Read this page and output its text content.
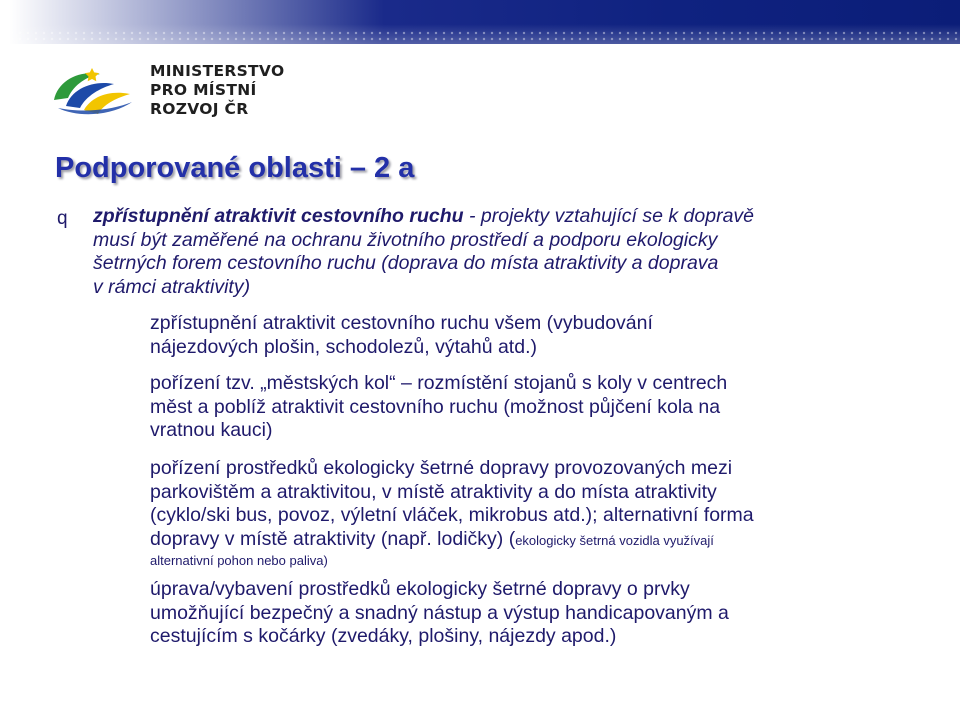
MINISTERSTVO
PRO MÍSTNÍ
ROZVOJ ČR
Podporované oblasti – 2 a
q zpřístupnění atraktivit cestovního ruchu - projekty vztahující se k dopravě
musí být zaměřené na ochranu životního prostředí a podporu ekologicky
šetrných forem cestovního ruchu (doprava do místa atraktivity a doprava
v rámci atraktivity)
zpřístupnění atraktivit cestovního ruchu všem (vybudování
nájezdových plošin, schodolezů, výtahů atd.)
pořízení tzv. „městských kol“ – rozmístění stojanů s koly v centrech
měst a poblíž atraktivit cestovního ruchu (možnost půjčení kola na
vratnou kauci)
pořízení prostředků ekologicky šetrné dopravy provozovaných mezi
parkovištěm a atraktivitou, v místě atraktivity a do místa atraktivity
(cyklo/ski bus, povoz, výletní vláček, mikrobus atd.); alternativní forma
dopravy v místě atraktivity (např. lodičky) (ekologicky šetrná vozidla využívají
alternativní pohon nebo paliva)
úprava/vybavení prostředků ekologicky šetrné dopravy o prvky
umožňující bezpečný a snadný nástup a výstup handicapovaným a
cestujícím s kočárky (zvedáky, plošiny, nájezdy apod.)
